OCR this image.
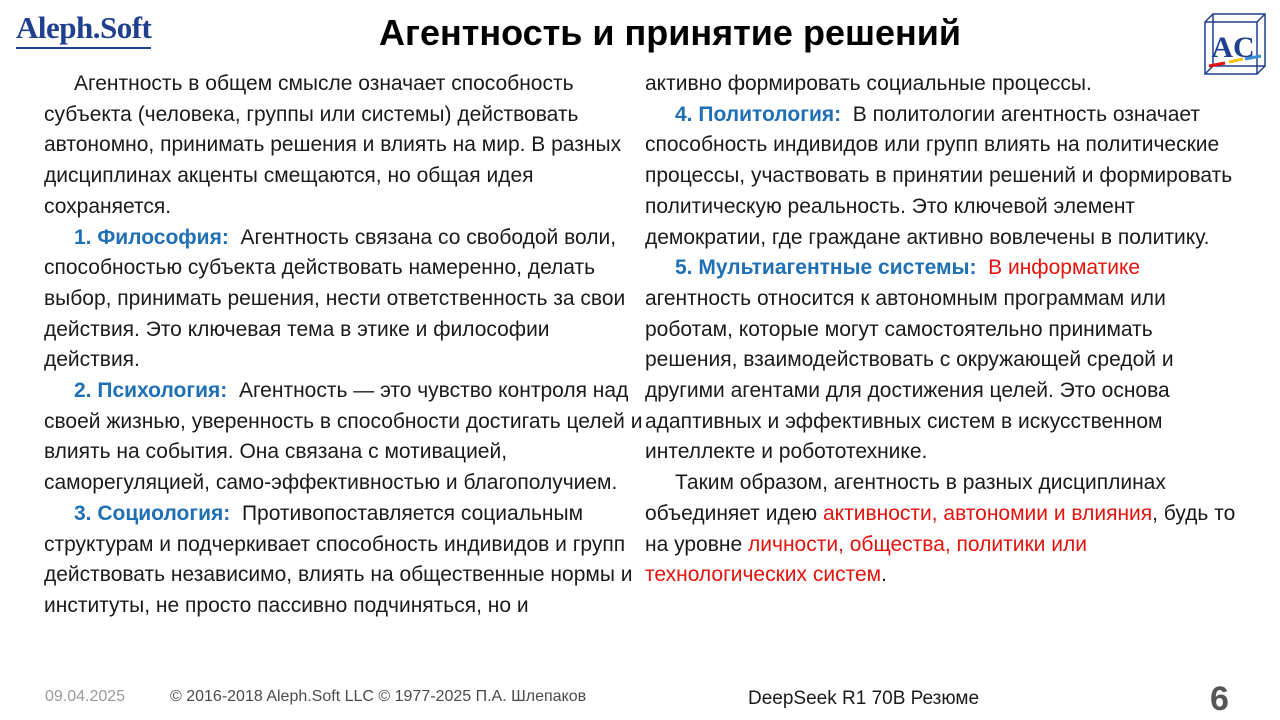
Aleph.Soft	Агентность и принятие решений	AC

Агентность в общем смысле означает способность субъекта (человека, группы или системы) действовать автономно, принимать решения и влиять на мир. В разных дисциплинах акценты смещаются, но общая идея сохраняется.

1. Философия: Агентность связана со свободой воли, способностью субъекта действовать намеренно, делать выбор, принимать решения, нести ответственность за свои действия. Это ключевая тема в этике и философии действия.

2. Психология: Агентность — это чувство контроля над своей жизнью, уверенность в способности достигать целей и влиять на события. Она связана с мотивацией, саморегуляцией, само-эффективностью и благополучием.

3. Социология: Противопоставляется социальным структурам и подчеркивает способность индивидов и групп действовать независимо, влиять на общественные нормы и институты, не просто пассивно подчиняться, но и

активно формировать социальные процессы.

4. Политология: В политологии агентность означает способность индивидов или групп влиять на политические процессы, участвовать в принятии решений и формировать политическую реальность. Это ключевой элемент демократии, где граждане активно вовлечены в политику.

5. Мультиагентные системы: В информатике агентность относится к автономным программам или роботам, которые могут самостоятельно принимать решения, взаимодействовать с окружающей средой и другими агентами для достижения целей. Это основа адаптивных и эффективных систем в искусственном интеллекте и робототехнике.

Таким образом, агентность в разных дисциплинах объединяет идею активности, автономии и влияния, будь то на уровне личности, общества, политики или технологических систем.

09.04.2025	© 2016-2018 Aleph.Soft LLC © 1977-2025 П.А. Шлепаков	DeepSeek R1 70B Резюме	6
